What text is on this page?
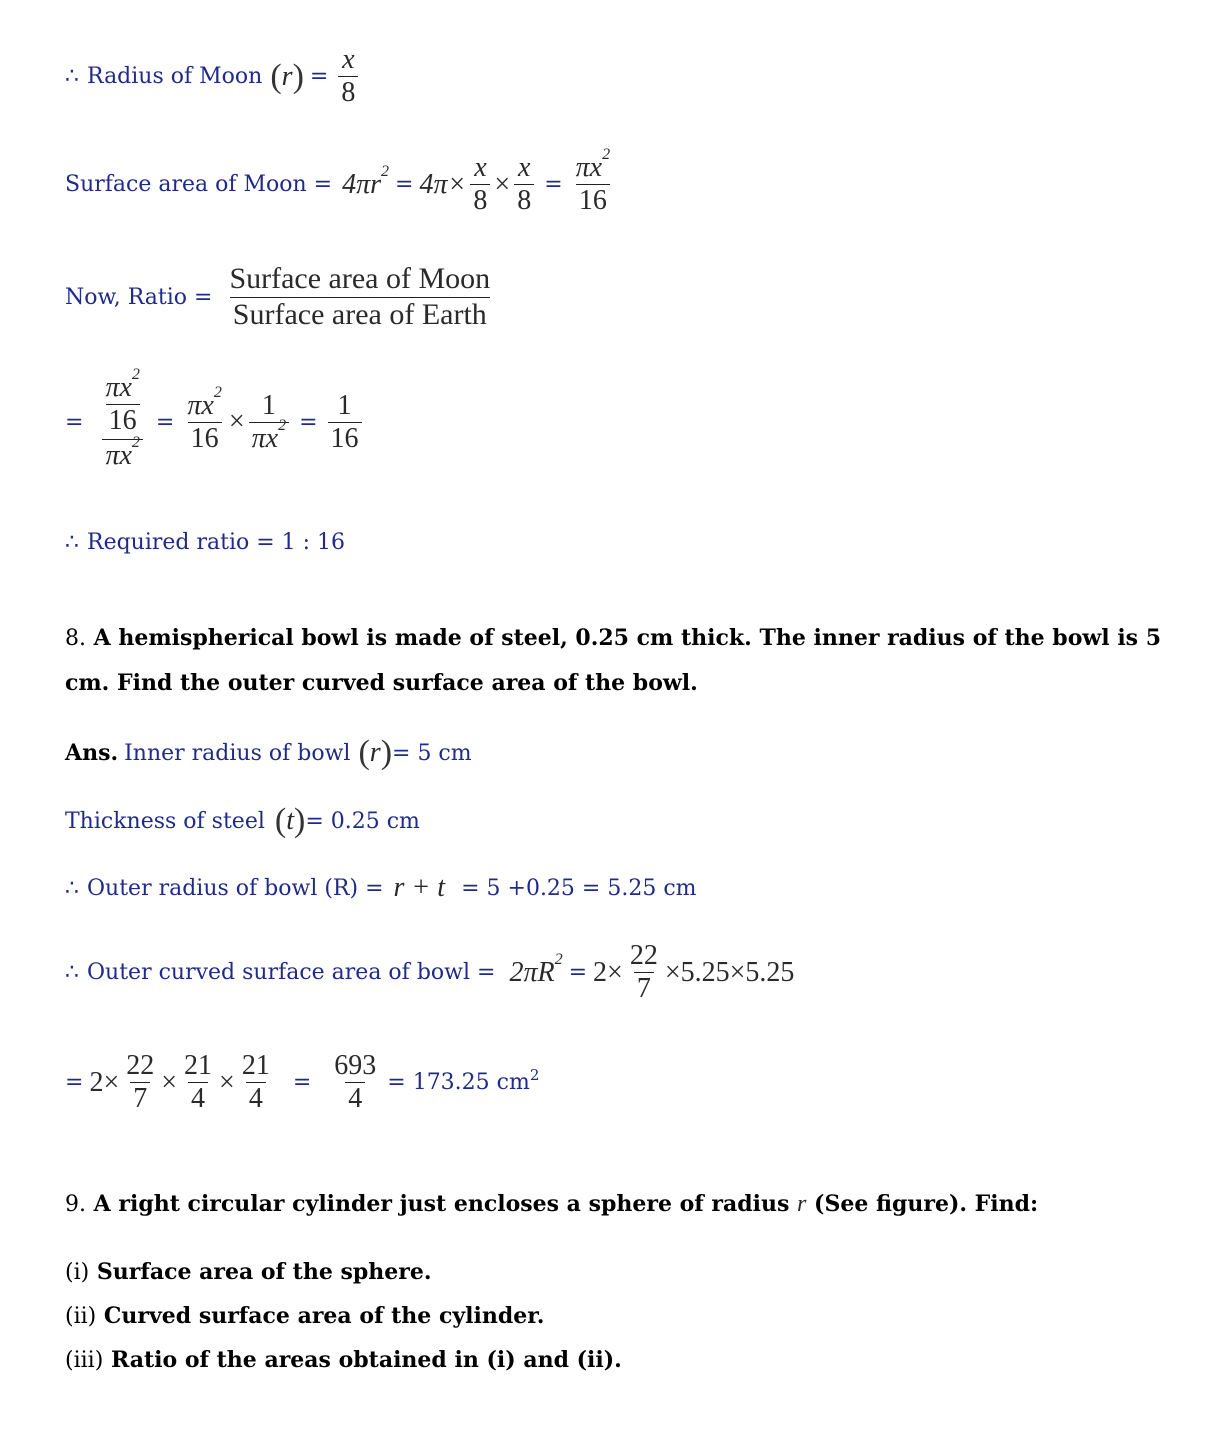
∴ Radius of Moon ( r ) = $\frac{x}{8}$
Surface area of Moon = $4\pi r^2$
= $4\pi\times \frac{x}{8} \times \frac{x}{8} = \frac{\pi x^2}{16}$
Now, Ratio = $\frac{\text{Surface area of Moon}}{\text{Surface area of Earth}}$
= $\frac{\frac{\pi x^2}{16}}{\pi x^2} = \frac{\pi x^2}{16} \times \frac{1}{\pi x^2} = \frac{1}{16}$
∴ Required ratio = 1 : 16
8. A hemispherical bowl is made of steel, 0.25 cm thick. The inner radius of the bowl is 5 cm. Find the outer curved surface area of the bowl.
Ans. Inner radius of bowl ( r ) = 5 cm
Thickness of steel ( t ) = 0.25 cm
∴ Outer radius of bowl (R) = r + t = 5 +0.25 = 5.25 cm
∴ Outer curved surface area of bowl = $2\pi R^2$
= $2\times \frac{22}{7} \times 5.25\times 5.25$
= $2\times \frac{22}{7} \times \frac{21}{4} \times \frac{21}{4} = \frac{693}{4} = 173.25$ $cm^2$
9. A right circular cylinder just encloses a sphere of radius r (See figure). Find:
(i) Surface area of the sphere.
(ii) Curved surface area of the cylinder.
(iii) Ratio of the areas obtained in (i) and (ii).
